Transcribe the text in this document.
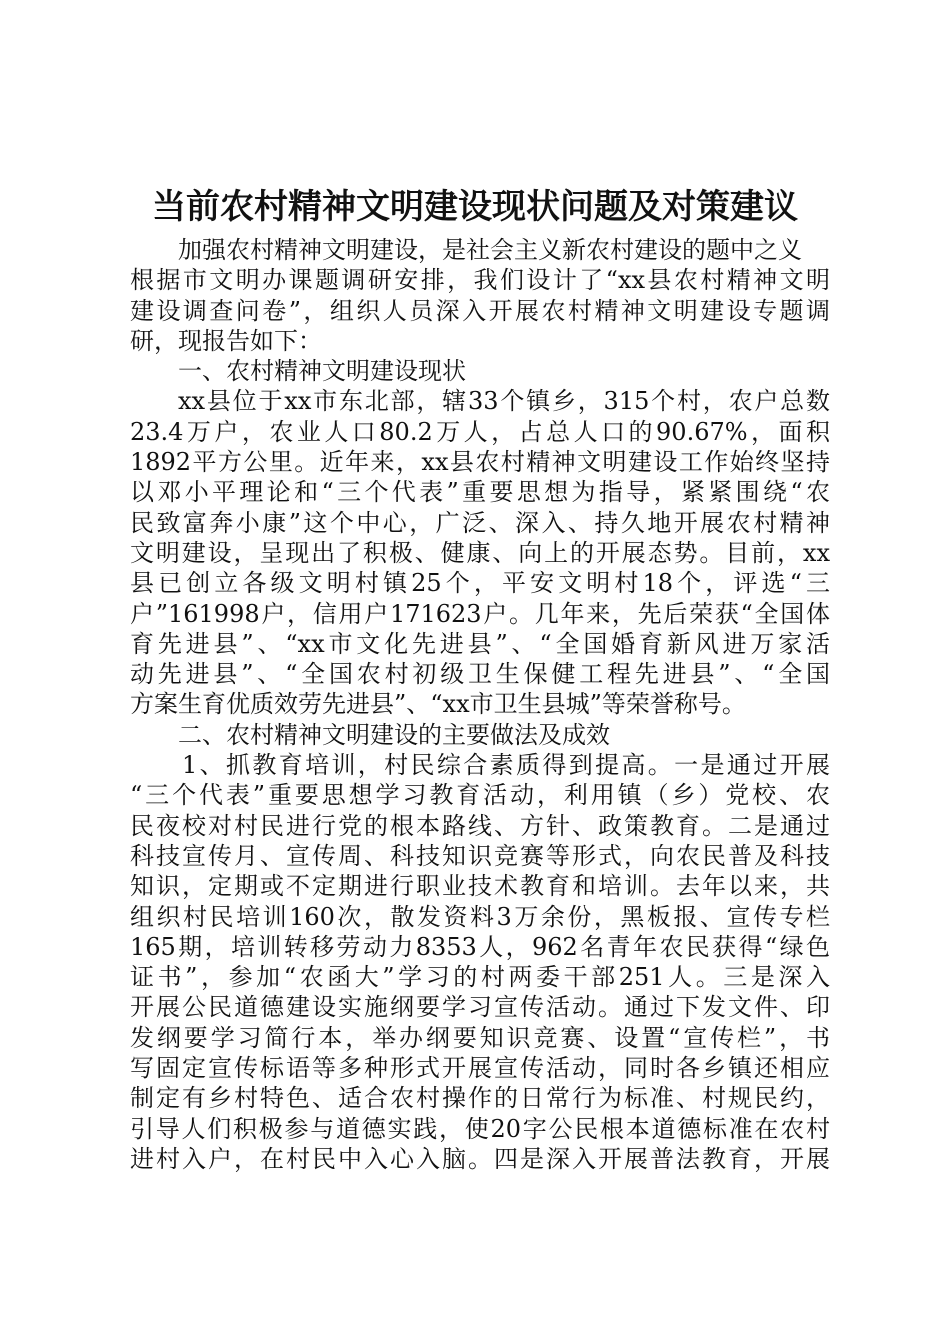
当前农村精神文明建设现状问题及对策建议
加强农村精神文明建设，是社会主义新农村建设的题中之义
根据市文明办课题调研安排，我们设计了“xx县农村精神文明
建设调查问卷”，组织人员深入开展农村精神文明建设专题调
研，现报告如下：
一、农村精神文明建设现状
xx县位于xx市东北部，辖33个镇乡，315个村，农户总数
23.4万户，农业人口80.2万人，占总人口的90.67%，面积
1892平方公里。近年来，xx县农村精神文明建设工作始终坚持
以邓小平理论和“三个代表”重要思想为指导，紧紧围绕“农
民致富奔小康”这个中心，广泛、深入、持久地开展农村精神
文明建设，呈现出了积极、健康、向上的开展态势。目前，xx
县已创立各级文明村镇25个，平安文明村18个，评选“三
户”161998户，信用户171623户。几年来，先后荣获“全国体
育先进县”、“xx市文化先进县”、“全国婚育新风进万家活
动先进县”、“全国农村初级卫生保健工程先进县”、“全国
方案生育优质效劳先进县”、“xx市卫生县城”等荣誉称号。
二、农村精神文明建设的主要做法及成效
1、抓教育培训，村民综合素质得到提高。一是通过开展
“三个代表”重要思想学习教育活动，利用镇（乡）党校、农
民夜校对村民进行党的根本路线、方针、政策教育。二是通过
科技宣传月、宣传周、科技知识竞赛等形式，向农民普及科技
知识，定期或不定期进行职业技术教育和培训。去年以来，共
组织村民培训160次，散发资料3万余份，黑板报、宣传专栏
165期，培训转移劳动力8353人，962名青年农民获得“绿色
证书”，参加“农函大”学习的村两委干部251人。三是深入
开展公民道德建设实施纲要学习宣传活动。通过下发文件、印
发纲要学习简行本，举办纲要知识竞赛、设置“宣传栏”，书
写固定宣传标语等多种形式开展宣传活动，同时各乡镇还相应
制定有乡村特色、适合农村操作的日常行为标准、村规民约，
引导人们积极参与道德实践，使20字公民根本道德标准在农村
进村入户，在村民中入心入脑。四是深入开展普法教育，开展
